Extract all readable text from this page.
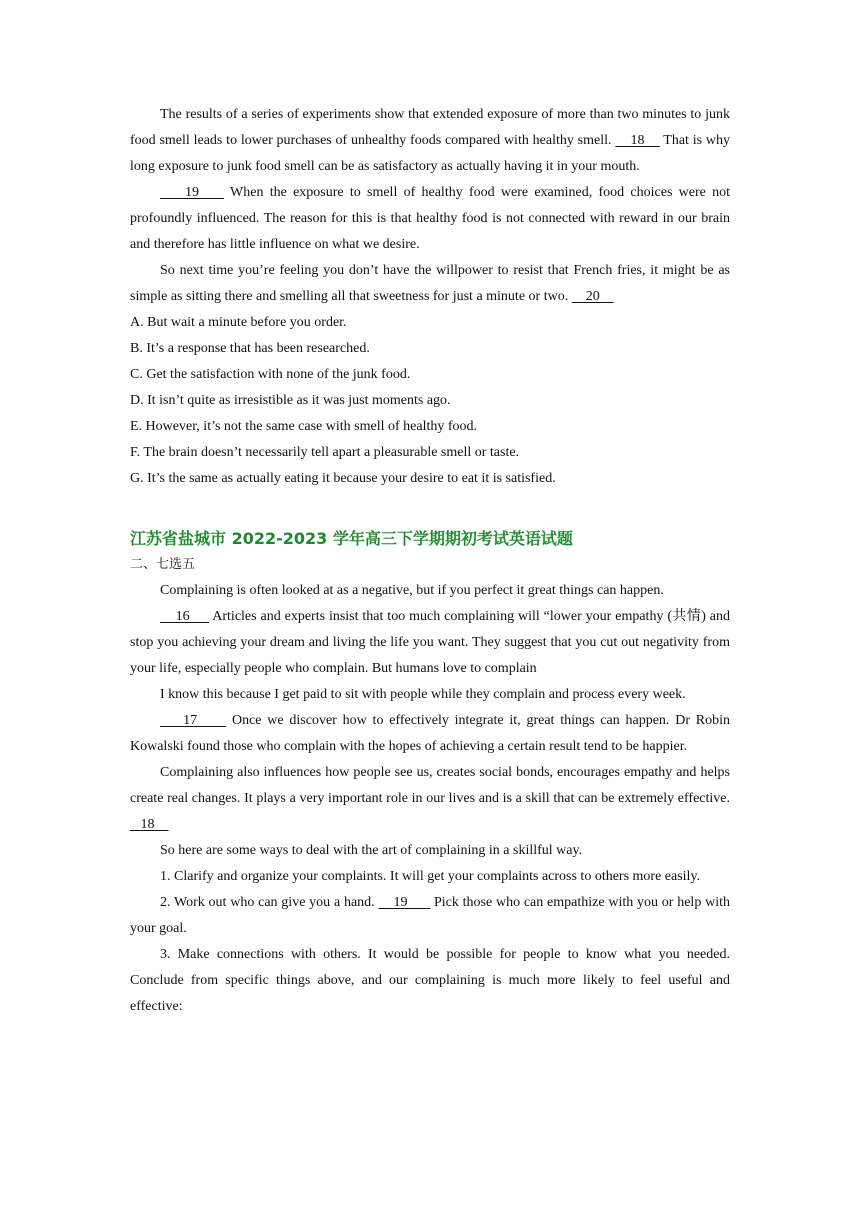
The results of a series of experiments show that extended exposure of more than two minutes to junk food smell leads to lower purchases of unhealthy foods compared with healthy smell.     18     That is why long exposure to junk food smell can be as satisfactory as actually having it in your mouth.

19     When the exposure to smell of healthy food were examined, food choices were not profoundly influenced. The reason for this is that healthy food is not connected with reward in our brain and therefore has little influence on what we desire.

So next time you’re feeling you don’t have the willpower to resist that French fries, it might be as simple as sitting there and smelling all that sweetness for just a minute or two.     20

A. But wait a minute before you order.

B. It’s a response that has been researched.

C. Get the satisfaction with none of the junk food.

D. It isn’t quite as irresistible as it was just moments ago.

E. However, it’s not the same case with smell of healthy food.

F. The brain doesn’t necessarily tell apart a pleasurable smell or taste.

G. It’s the same as actually eating it because your desire to eat it is satisfied.

江苏省盐城市 2022-2023 学年高三下学期期初考试英语试题

二、七选五

Complaining is often looked at as a negative, but if you perfect it great things can happen.

16      Articles and experts insist that too much complaining will “lower your empathy (共情) and stop you achieving your dream and living the life you want. They suggest that you cut out negativity from your life, especially people who complain. But humans love to complain

I know this because I get paid to sit with people while they complain and process every week.

17      Once we discover how to effectively integrate it, great things can happen. Dr Robin Kowalski found those who complain with the hopes of achieving a certain result tend to be happier.

Complaining also influences how people see us, creates social bonds, encourages empathy and helps create real changes. It plays a very important role in our lives and is a skill that can be extremely effective.    18

So here are some ways to deal with the art of complaining in a skillful way.

1. Clarify and organize your complaints. It will get your complaints across to others more easily.

2. Work out who can give you a hand.     19       Pick those who can empathize with you or help with your goal.

3. Make connections with others. It would be possible for people to know what you needed. Conclude from specific things above, and our complaining is much more likely to feel useful and effective:
